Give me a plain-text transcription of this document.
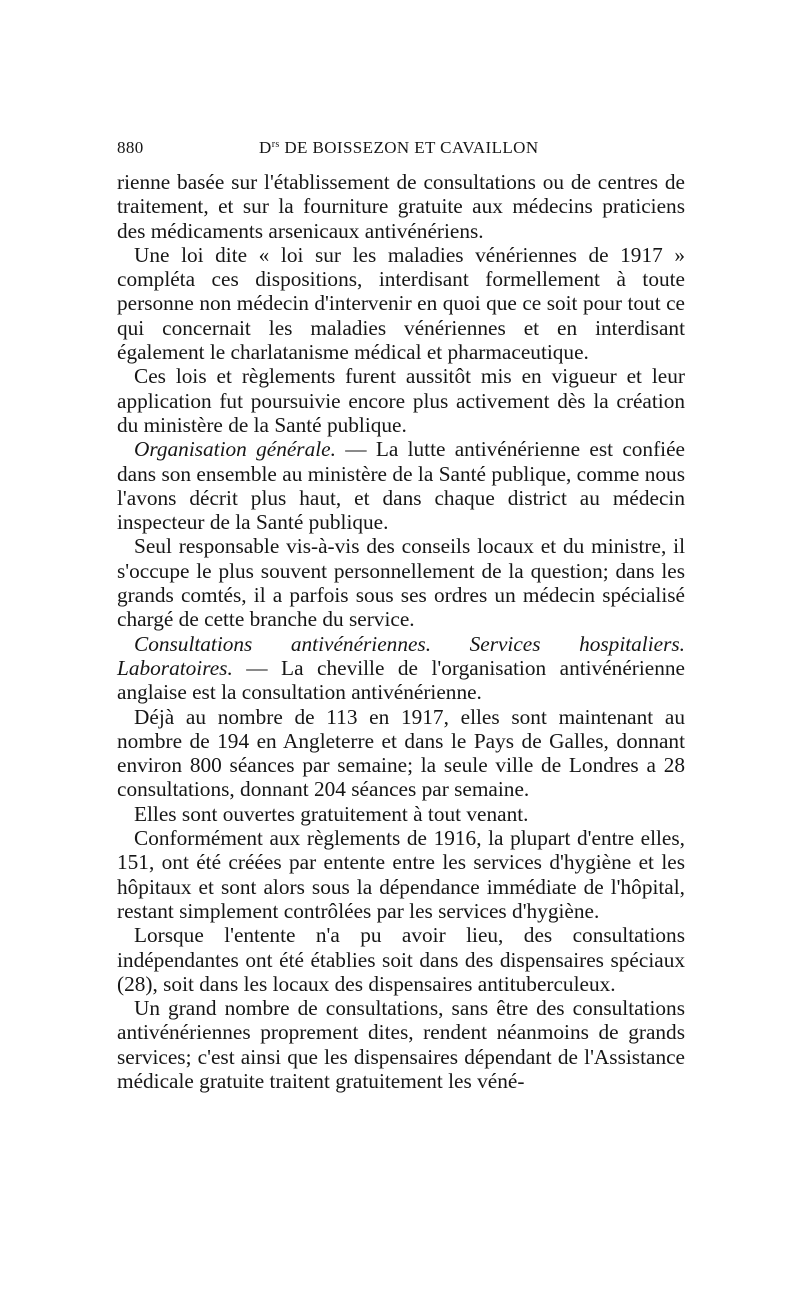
880	$D^{rs}$ DE BOISSEZON ET CAVAILLON

rienne basée sur l'établissement de consultations ou de centres de traitement, et sur la fourniture gratuite aux médecins praticiens des médicaments arsenicaux antivénériens.

Une loi dite « loi sur les maladies vénériennes de 1917 » compléta ces dispositions, interdisant formellement à toute personne non médecin d'intervenir en quoi que ce soit pour tout ce qui concernait les maladies vénériennes et en interdisant également le charlatanisme médical et pharmaceutique.

Ces lois et règlements furent aussitôt mis en vigueur et leur application fut poursuivie encore plus activement dès la création du ministère de la Santé publique.

Organisation générale. — La lutte antivénérienne est confiée dans son ensemble au ministère de la Santé publique, comme nous l'avons décrit plus haut, et dans chaque district au médecin inspecteur de la Santé publique.

Seul responsable vis-à-vis des conseils locaux et du ministre, il s'occupe le plus souvent personnellement de la question; dans les grands comtés, il a parfois sous ses ordres un médecin spécialisé chargé de cette branche du service.

Consultations antivénériennes. Services hospitaliers. Laboratoires. — La cheville de l'organisation antivénérienne anglaise est la consultation antivénérienne.

Déjà au nombre de 113 en 1917, elles sont maintenant au nombre de 194 en Angleterre et dans le Pays de Galles, donnant environ 800 séances par semaine; la seule ville de Londres a 28 consultations, donnant 204 séances par semaine.

Elles sont ouvertes gratuitement à tout venant.

Conformément aux règlements de 1916, la plupart d'entre elles, 151, ont été créées par entente entre les services d'hygiène et les hôpitaux et sont alors sous la dépendance immédiate de l'hôpital, restant simplement contrôlées par les services d'hygiène.

Lorsque l'entente n'a pu avoir lieu, des consultations indépendantes ont été établies soit dans des dispensaires spéciaux (28), soit dans les locaux des dispensaires antituberculeux.

Un grand nombre de consultations, sans être des consultations antivénériennes proprement dites, rendent néanmoins de grands services; c'est ainsi que les dispensaires dépendant de l'Assistance médicale gratuite traitent gratuitement les véné-
